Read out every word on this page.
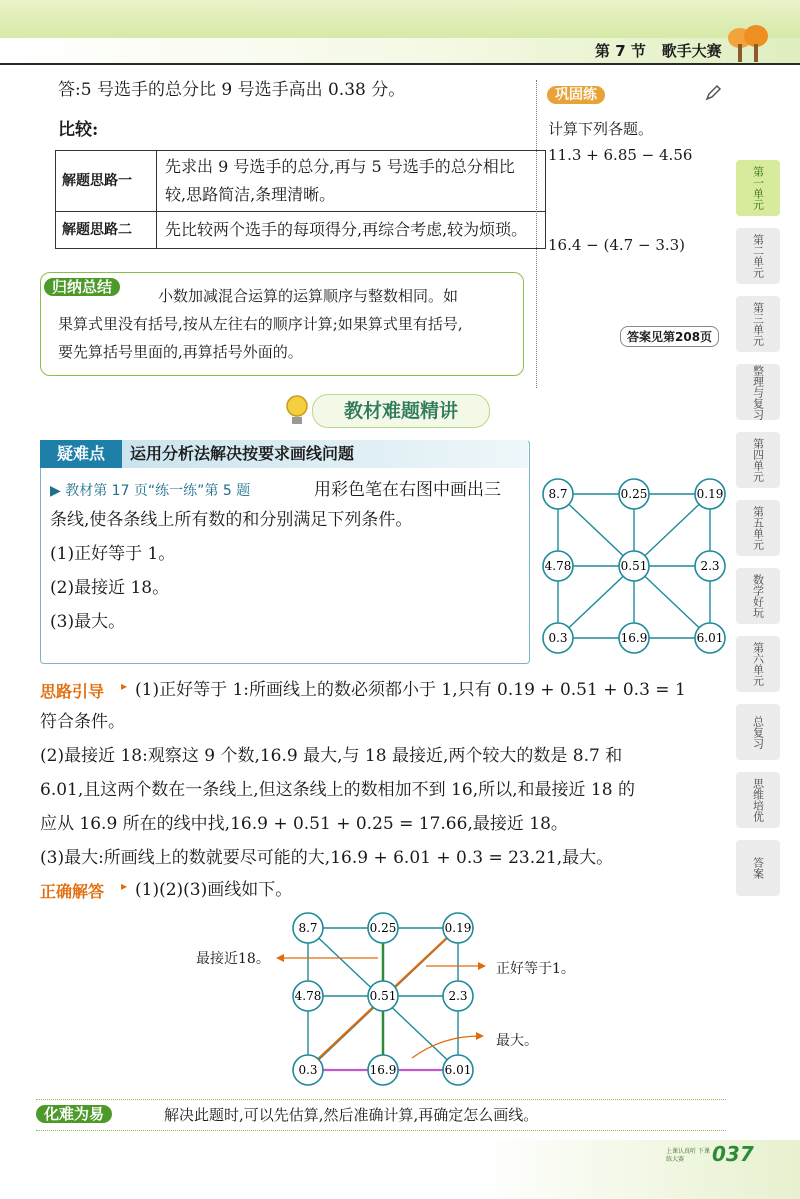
第 7 节 歌手大赛
答:5 号选手的总分比 9 号选手高出 0.38 分。
比较:
解题思路一	先求出 9 号选手的总分,再与 5 号选手的总分相比
较,思路简洁,条理清晰。

解题思路二	先比较两个选手的每项得分,再综合考虑,较为烦琐。
归纳总结	小数加减混合运算的运算顺序与整数相同。如
果算式里没有括号,按从左往右的顺序计算;如果算式里有括号,
要先算括号里面的,再算括号外面的。
巩固练
计算下列各题。
11.3 + 6.85 − 4.56
16.4 − (4.7 − 3.3)
答案见第208页
第一单元
第二单元
第三单元
整理与复习
第四单元
第五单元
数学好玩
第六单元
总复习
思维培优
答案
教材难题精讲
疑难点	运用分析法解决按要求画线问题
▶ 教材第 17 页“练一练”第 5 题	用彩色笔在右图中画出三
条线,使各条线上所有数的和分别满足下列条件。
(1)正好等于 1。
(2)最接近 18。
(3)最大。
8.7	0.25	0.19
4.78	0.51	2.3
0.3	16.9	6.01
思路引导 ▸ (1)正好等于 1:所画线上的数必须都小于 1,只有 0.19 + 0.51 + 0.3 = 1
符合条件。
(2)最接近 18:观察这 9 个数,16.9 最大,与 18 最接近,两个较大的数是 8.7 和
6.01,且这两个数在一条线上,但这条线上的数相加不到 16,所以,和最接近 18 的
应从 16.9 所在的线中找,16.9 + 0.51 + 0.25 = 17.66,最接近 18。
(3)最大:所画线上的数就要尽可能的大,16.9 + 6.01 + 0.3 = 23.21,最大。
正确解答 ▸ (1)(2)(3)画线如下。
8.7	0.25	0.19
4.78	0.51	2.3
0.3	16.9	6.01
最接近18。
正好等于1。
最大。
化难为易	解决此题时,可以先估算,然后准确计算,再确定怎么画线。
上课认真听 下课练大赛	037
